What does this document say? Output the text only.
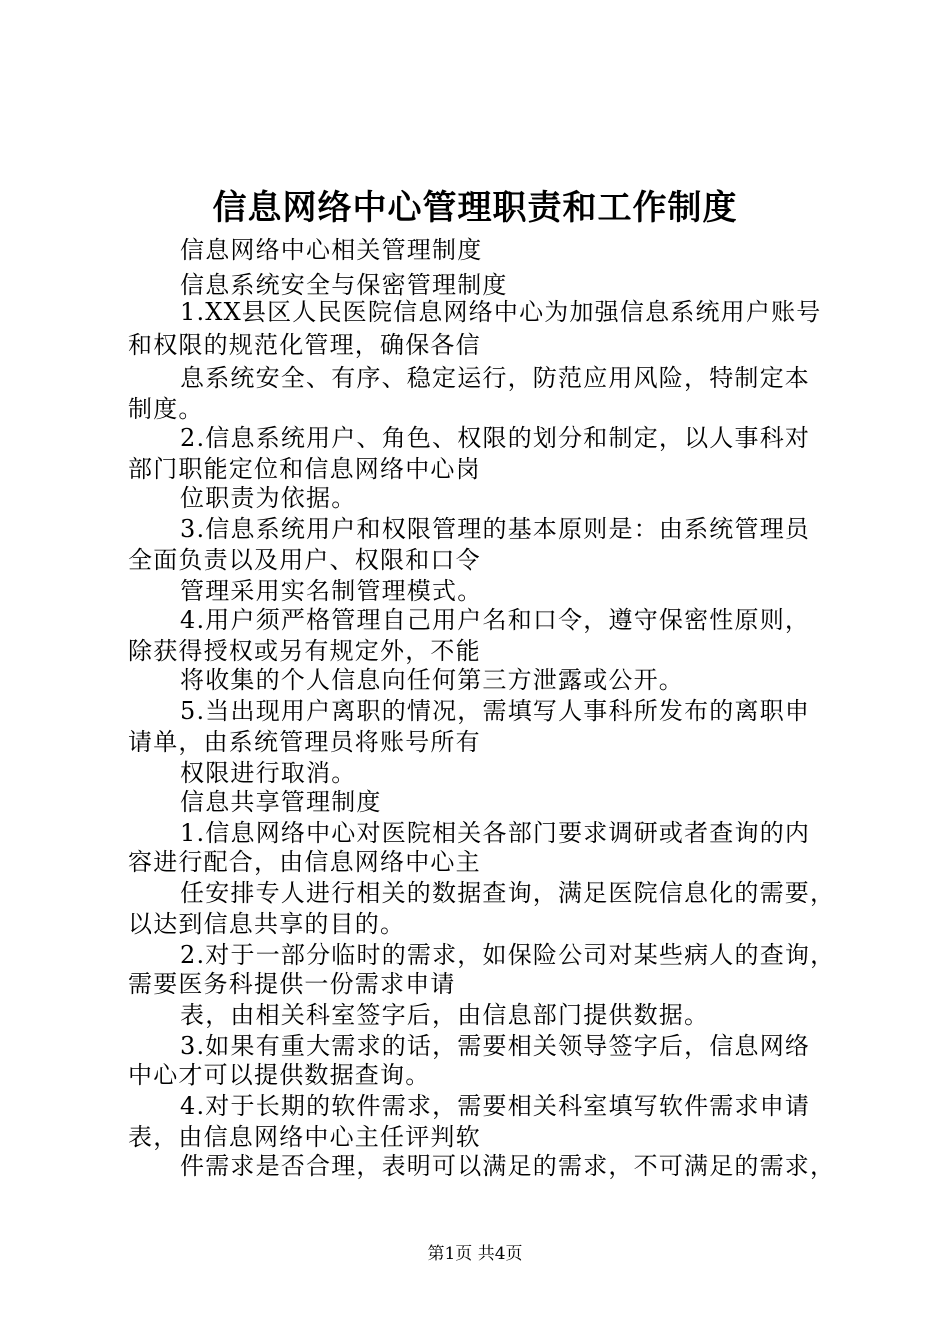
信息网络中心管理职责和工作制度
信息网络中心相关管理制度
信息系统安全与保密管理制度
1.XX县区人民医院信息网络中心为加强信息系统用户账号
和权限的规范化管理，确保各信
息系统安全、有序、稳定运行，防范应用风险，特制定本
制度。
2.信息系统用户、角色、权限的划分和制定，以人事科对
部门职能定位和信息网络中心岗
位职责为依据。
3.信息系统用户和权限管理的基本原则是：由系统管理员
全面负责以及用户、权限和口令
管理采用实名制管理模式。
4.用户须严格管理自己用户名和口令，遵守保密性原则，
除获得授权或另有规定外，不能
将收集的个人信息向任何第三方泄露或公开。
5.当出现用户离职的情况，需填写人事科所发布的离职申
请单，由系统管理员将账号所有
权限进行取消。
信息共享管理制度
1.信息网络中心对医院相关各部门要求调研或者查询的内
容进行配合，由信息网络中心主
任安排专人进行相关的数据查询，满足医院信息化的需要，
以达到信息共享的目的。
2.对于一部分临时的需求，如保险公司对某些病人的查询，
需要医务科提供一份需求申请
表，由相关科室签字后，由信息部门提供数据。
3.如果有重大需求的话，需要相关领导签字后，信息网络
中心才可以提供数据查询。
4.对于长期的软件需求，需要相关科室填写软件需求申请
表，由信息网络中心主任评判软
件需求是否合理，表明可以满足的需求，不可满足的需求，
第1页 共4页
